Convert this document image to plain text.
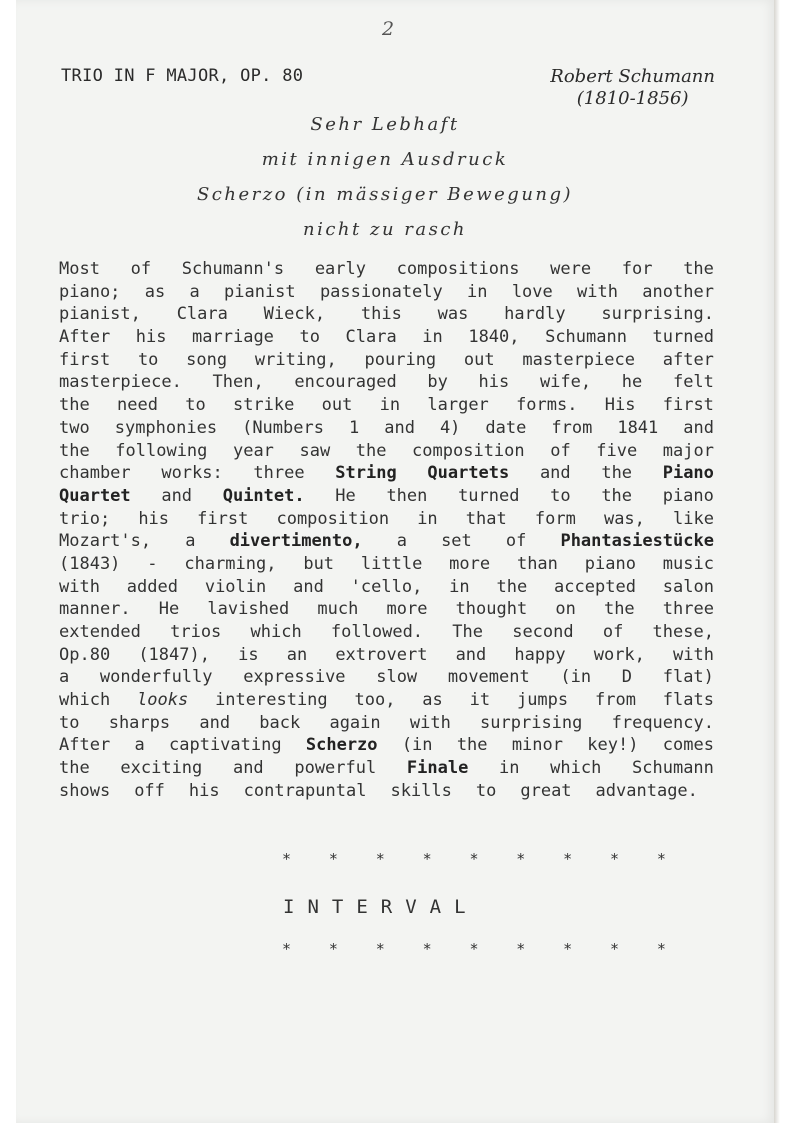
2
TRIO IN F MAJOR, OP. 80	Robert Schumann
(1810-1856)
Sehr Lebhaft
mit innigen Ausdruck
Scherzo (in mässiger Bewegung)
nicht zu rasch
Most of Schumann's early compositions were for the
piano; as a pianist passionately in love with another
pianist, Clara Wieck, this was hardly surprising.
After his marriage to Clara in 1840, Schumann turned
first to song writing, pouring out masterpiece after
masterpiece. Then, encouraged by his wife, he felt
the need to strike out in larger forms. His first
two symphonies (Numbers 1 and 4) date from 1841 and
the following year saw the composition of five major
chamber works: three String Quartets and the Piano
Quartet and Quintet. He then turned to the piano
trio; his first composition in that form was, like
Mozart's, a divertimento, a set of Phantasiestücke
(1843) - charming, but little more than piano music
with added violin and 'cello, in the accepted salon
manner. He lavished much more thought on the three
extended trios which followed. The second of these,
Op.80 (1847), is an extrovert and happy work, with
a wonderfully expressive slow movement (in D flat)
which looks interesting too, as it jumps from flats
to sharps and back again with surprising frequency.
After a captivating Scherzo (in the minor key!) comes
the exciting and powerful Finale in which Schumann
shows	off	his	contrapuntal	skills	to	great	advantage.
* * * * * * * * *
INTERVAL
* * * * * * * * *
